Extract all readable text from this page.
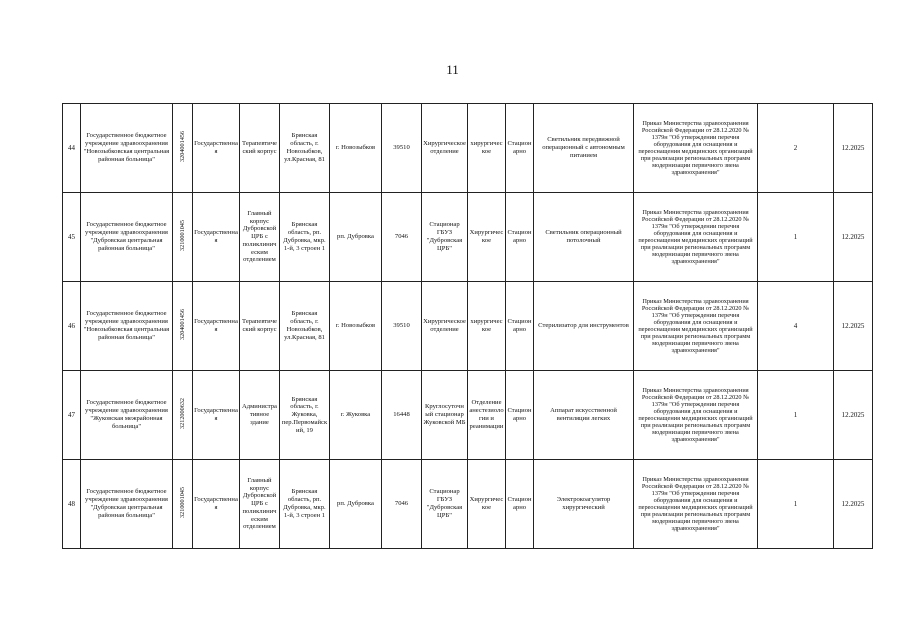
11
44	Государственное бюджетное учреждение здравоохранения "Новозыбковская центральная районная больница"	3204001456	Государственная	Терапевтический корпус	Брянская область, г. Новозыбков, ул.Красная, 81	г. Новозыбков	39510	Хирургическое отделение	хирургическое	Стационарно	Светильник передвижной операционный с автономным питанием	Приказ Министерства здравоохранения Российской Федерации от 28.12.2020 № 1379н "Об утверждении перечня оборудования для оснащения и переоснащения медицинских организаций при реализации региональных программ модернизации первичного звена здравоохранения"	2	12.2025
45	Государственное бюджетное учреждение здравоохранения "Дубровская центральная районная больница"	3210001045	Государственная	Главный корпус Дубровской ЦРБ с поликлиническим отделением	Брянская область, рп. Дубровка, мкр. 1-й, 3 строен 1	рп. Дубровка	7046	Стационар ГБУЗ "Дубровская ЦРБ"	Хирургическое	Стационарно	Светильник операционный потолочный	Приказ Министерства здравоохранения Российской Федерации от 28.12.2020 № 1379н "Об утверждении перечня оборудования для оснащения и переоснащения медицинских организаций при реализации региональных программ модернизации первичного звена здравоохранения"	1	12.2025
46	Государственное бюджетное учреждение здравоохранения "Новозыбковская центральная районная больница"	3204001456	Государственная	Терапевтический корпус	Брянская область, г. Новозыбков, ул.Красная, 81	г. Новозыбков	39510	Хирургическое отделение	хирургическое	Стационарно	Стерилизатор для инструментов	Приказ Министерства здравоохранения Российской Федерации от 28.12.2020 № 1379н "Об утверждении перечня оборудования для оснащения и переоснащения медицинских организаций при реализации региональных программ модернизации первичного звена здравоохранения"	4	12.2025
47	Государственное бюджетное учреждение здравоохранения "Жуковская межрайонная больница"	3212000632	Государственная	Административное здание	Брянская область, г. Жуковка, пер.Первомайский, 19	г. Жуковка	16448	Круглосуточный стационар Жуковской МБ	Отделение анестезиологии и реанимации	Стационарно	Аппарат искусственной вентиляции легких	Приказ Министерства здравоохранения Российской Федерации от 28.12.2020 № 1379н "Об утверждении перечня оборудования для оснащения и переоснащения медицинских организаций при реализации региональных программ модернизации первичного звена здравоохранения"	1	12.2025
48	Государственное бюджетное учреждение здравоохранения "Дубровская центральная районная больница"	3210001045	Государственная	Главный корпус Дубровской ЦРБ с поликлиническим отделением	Брянская область, рп. Дубровка, мкр. 1-й, 3 строен 1	рп. Дубровка	7046	Стационар ГБУЗ "Дубровская ЦРБ"	Хирургическое	Стационарно	Электрокоагулятор хирургический	Приказ Министерства здравоохранения Российской Федерации от 28.12.2020 № 1379н "Об утверждении перечня оборудования для оснащения и переоснащения медицинских организаций при реализации региональных программ модернизации первичного звена здравоохранения"	1	12.2025
